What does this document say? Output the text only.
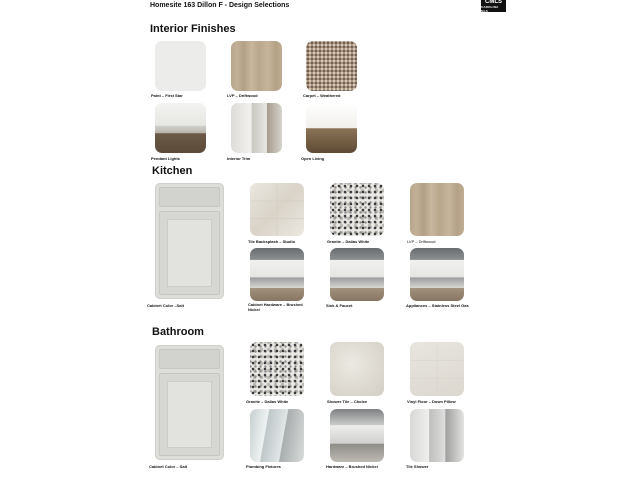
Homesite 163 Dillon F - Design Selections	CMLS
CAROLINA MLS
Interior Finishes
Paint – First Star	LVP – Driftwood	Carpet – Weathered
Pendant Lights	Interior Trim	Open Living
Kitchen
Cabinet Color –Salt
Tile Backsplash – Studio	Granite – Dallas White	LVP – Driftwood
Cabinet Hardware – Brushed Nickel
Sink & Faucet	Appliances – Stainless Steel Gas
Bathroom
Cabinet Color – Salt
Granite – Dallas White	Shower Tile – Choice	Vinyl Floor – Down Pillow
Plumbing Fixtures	Hardware – Brushed Nickel	Tile Shower
